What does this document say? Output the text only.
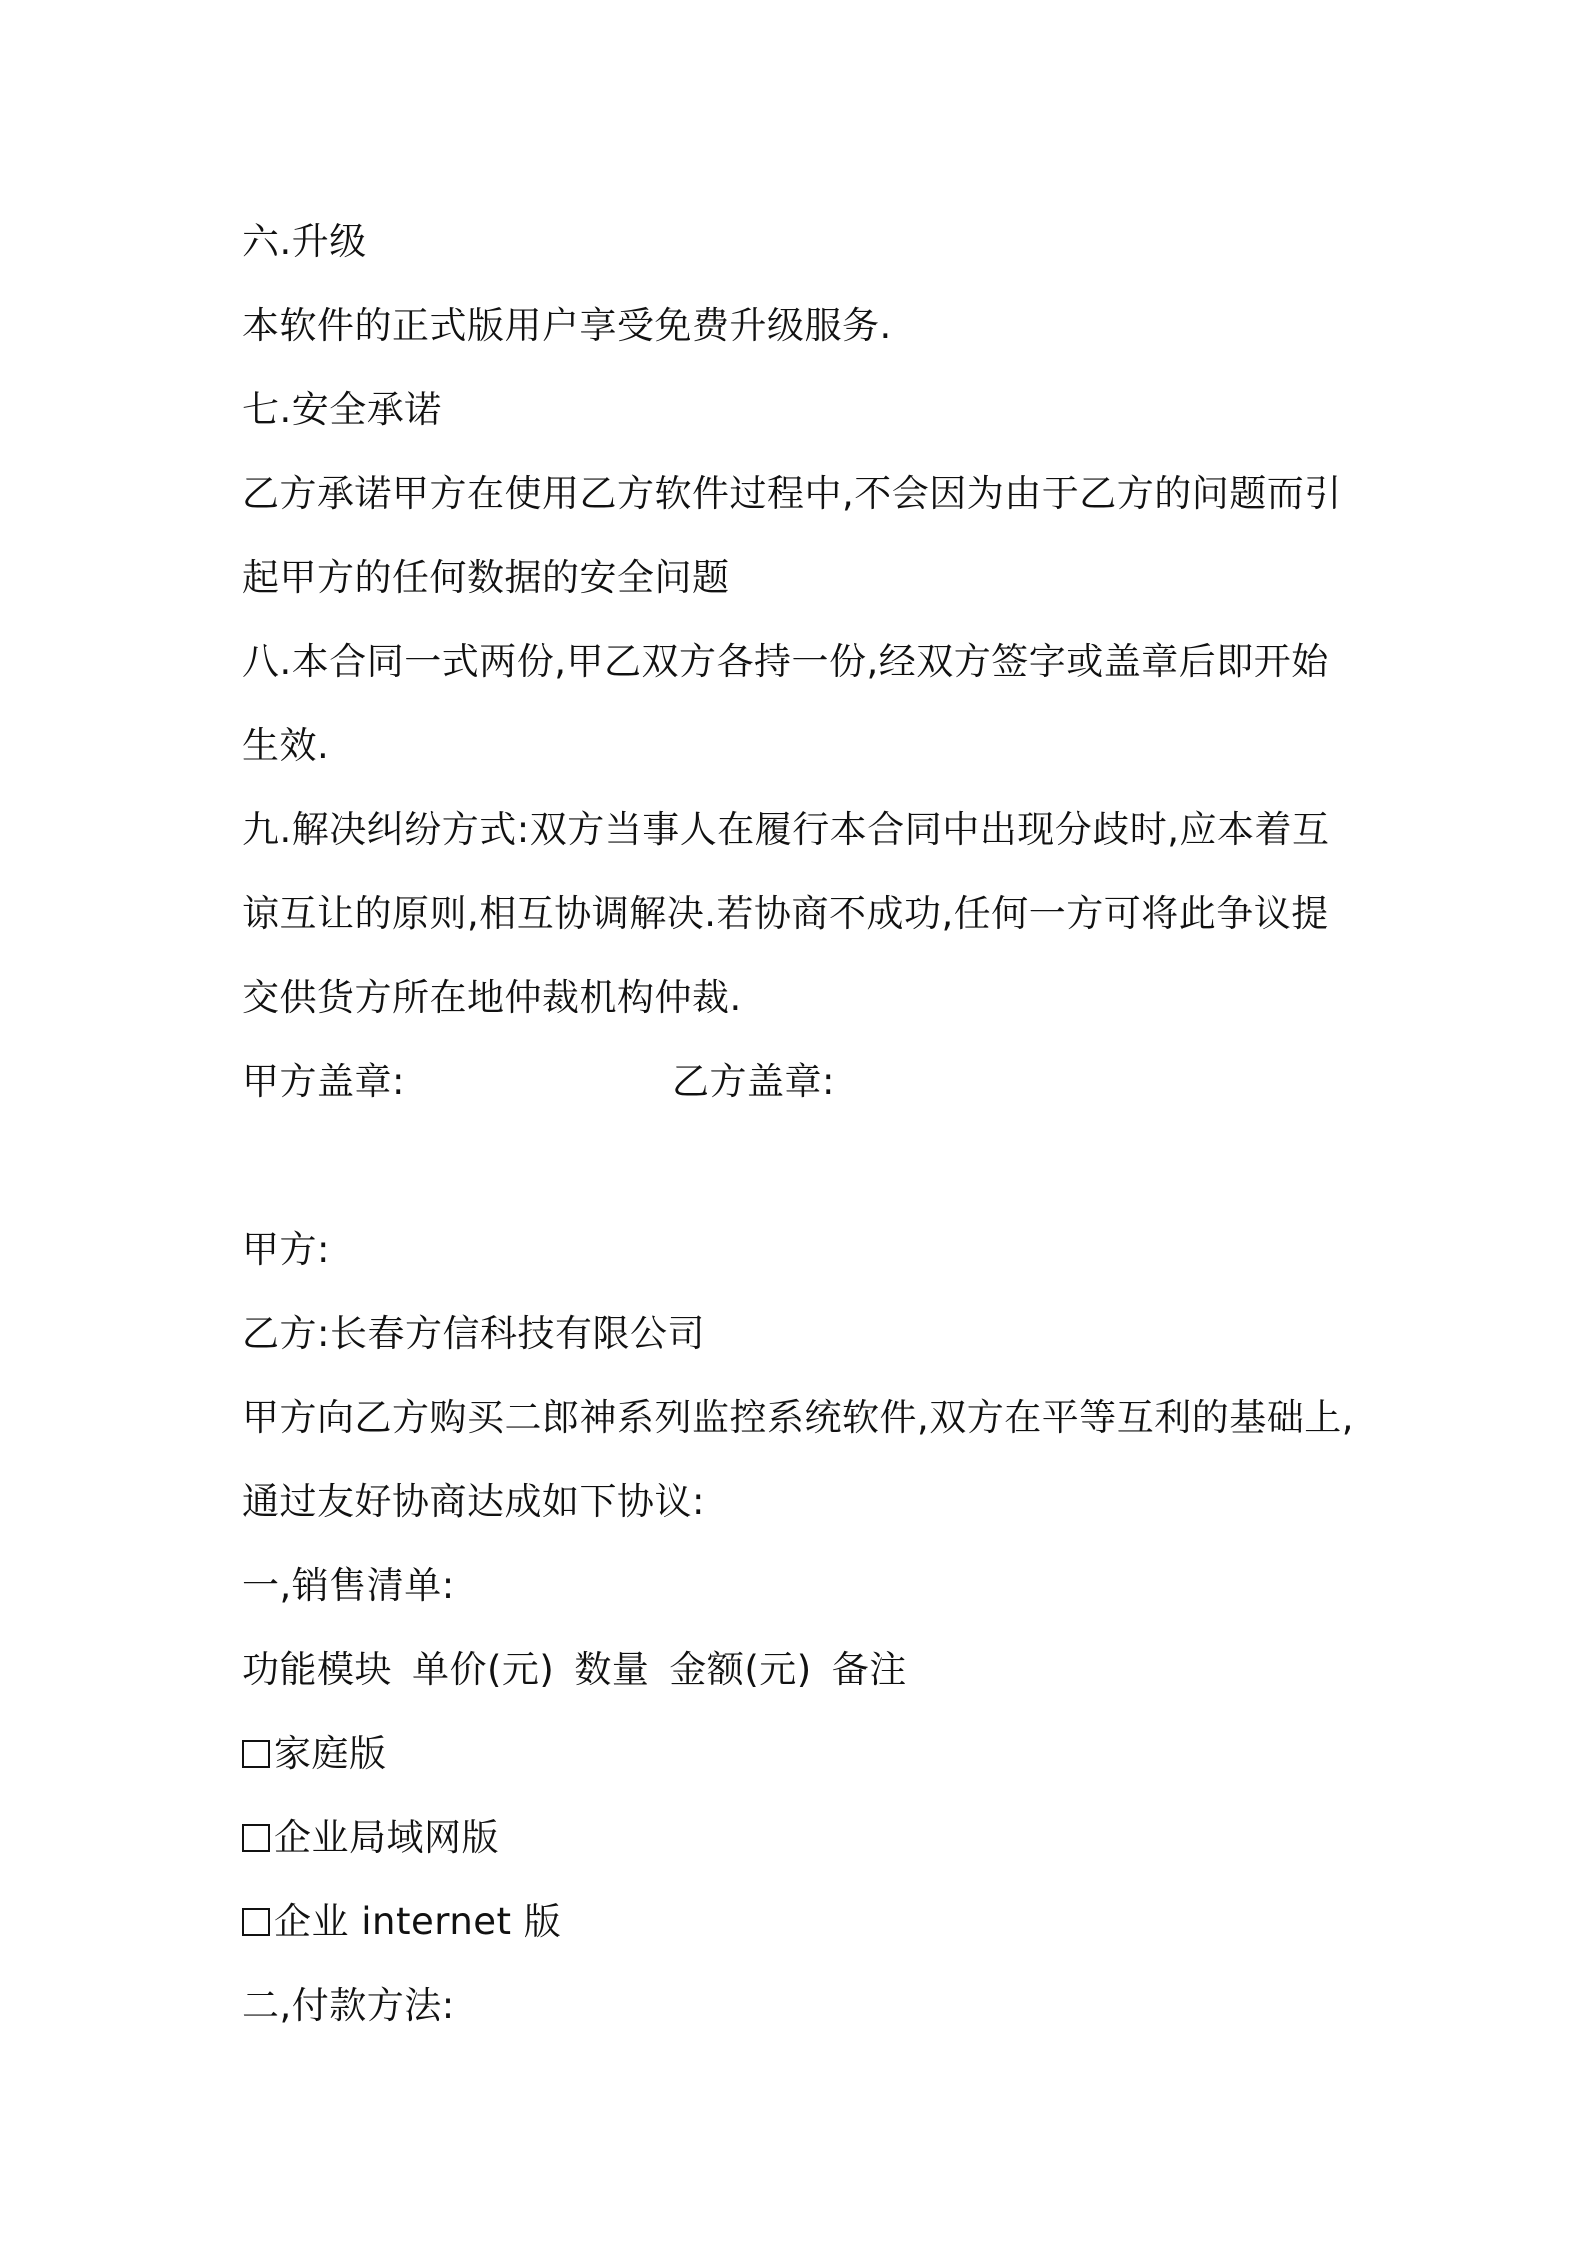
六.升级
本软件的正式版用户享受免费升级服务.
七.安全承诺
乙方承诺甲方在使用乙方软件过程中,不会因为由于乙方的问题而引
起甲方的任何数据的安全问题
八.本合同一式两份,甲乙双方各持一份,经双方签字或盖章后即开始
生效.
九.解决纠纷方式:双方当事人在履行本合同中出现分歧时,应本着互
谅互让的原则,相互协调解决.若协商不成功,任何一方可将此争议提
交供货方所在地仲裁机构仲裁.
甲方盖章:	乙方盖章:
甲方:
乙方:长春方信科技有限公司
甲方向乙方购买二郎神系列监控系统软件,双方在平等互利的基础上,
通过友好协商达成如下协议:
一,销售清单:
功能模块 单价(元) 数量 金额(元) 备注
家庭版
企业局域网版
企业 internet 版
二,付款方法:
